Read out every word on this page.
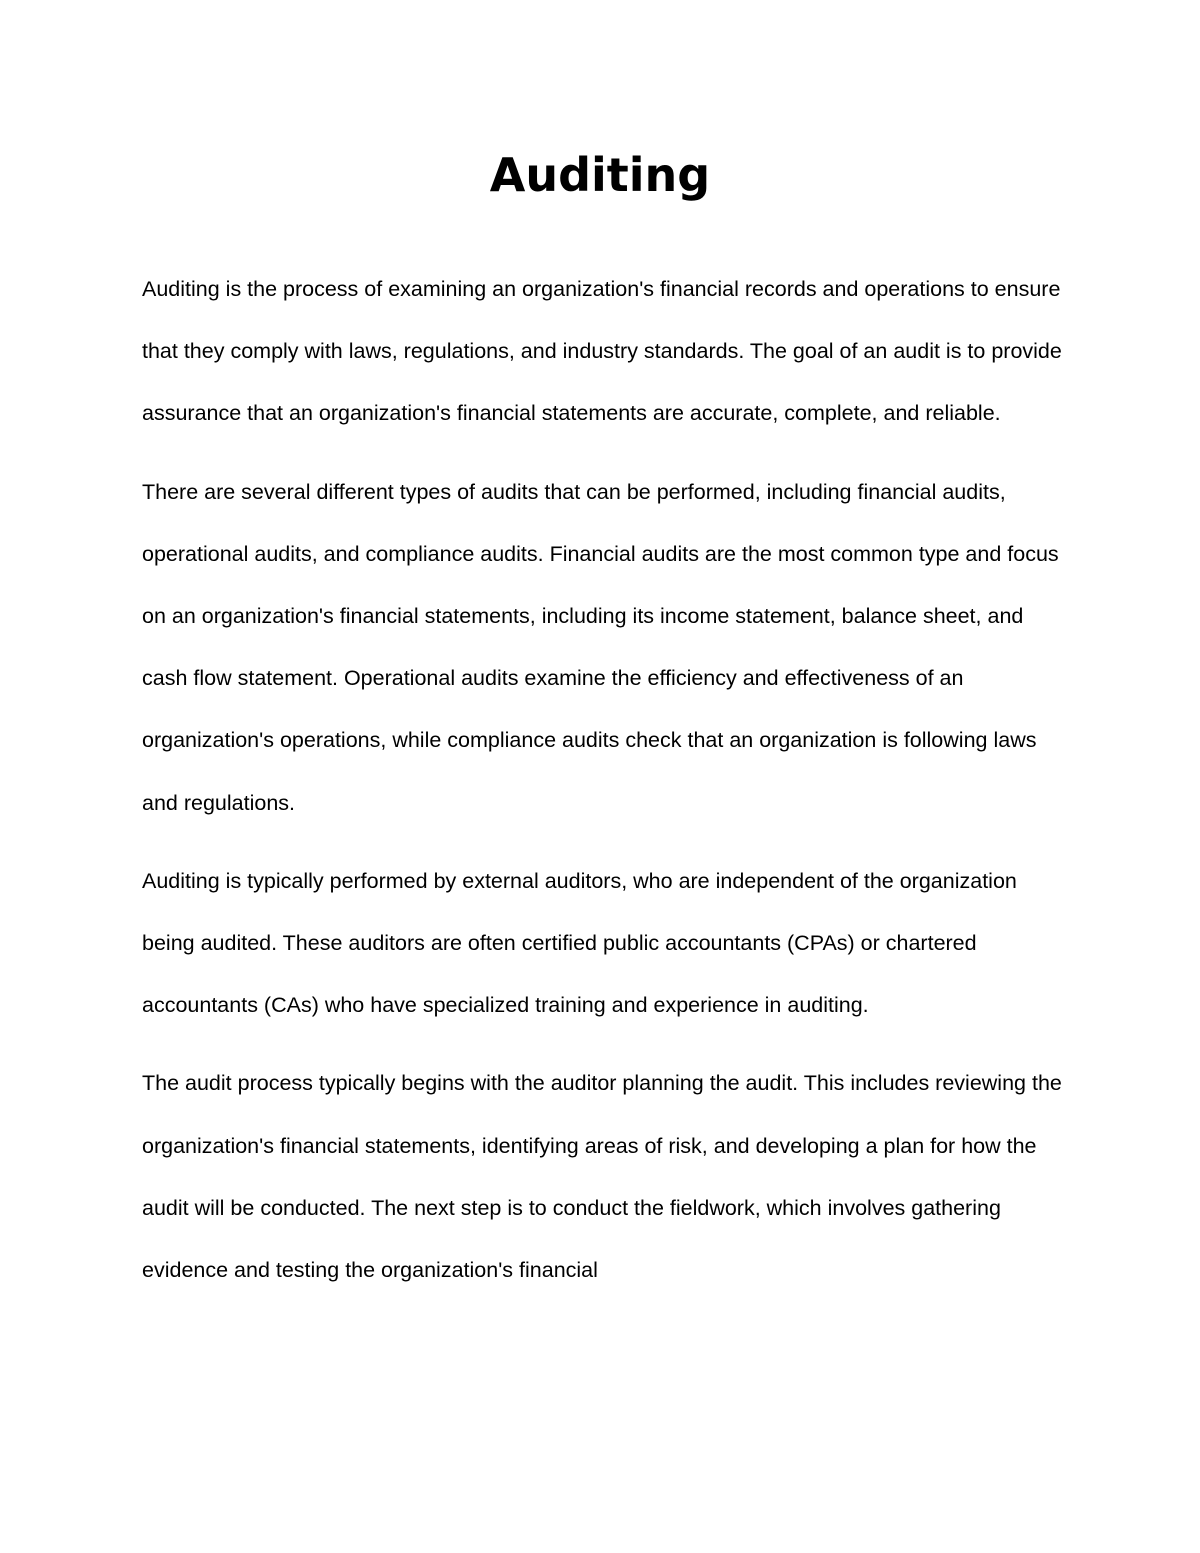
Auditing

Auditing is the process of examining an organization's financial records and operations to ensure that they comply with laws, regulations, and industry standards. The goal of an audit is to provide assurance that an organization's financial statements are accurate, complete, and reliable.

There are several different types of audits that can be performed, including financial audits, operational audits, and compliance audits. Financial audits are the most common type and focus on an organization's financial statements, including its income statement, balance sheet, and cash flow statement. Operational audits examine the efficiency and effectiveness of an organization's operations, while compliance audits check that an organization is following laws and regulations.

Auditing is typically performed by external auditors, who are independent of the organization being audited. These auditors are often certified public accountants (CPAs) or chartered accountants (CAs) who have specialized training and experience in auditing.

The audit process typically begins with the auditor planning the audit. This includes reviewing the organization's financial statements, identifying areas of risk, and developing a plan for how the audit will be conducted. The next step is to conduct the fieldwork, which involves gathering evidence and testing the organization's financial
